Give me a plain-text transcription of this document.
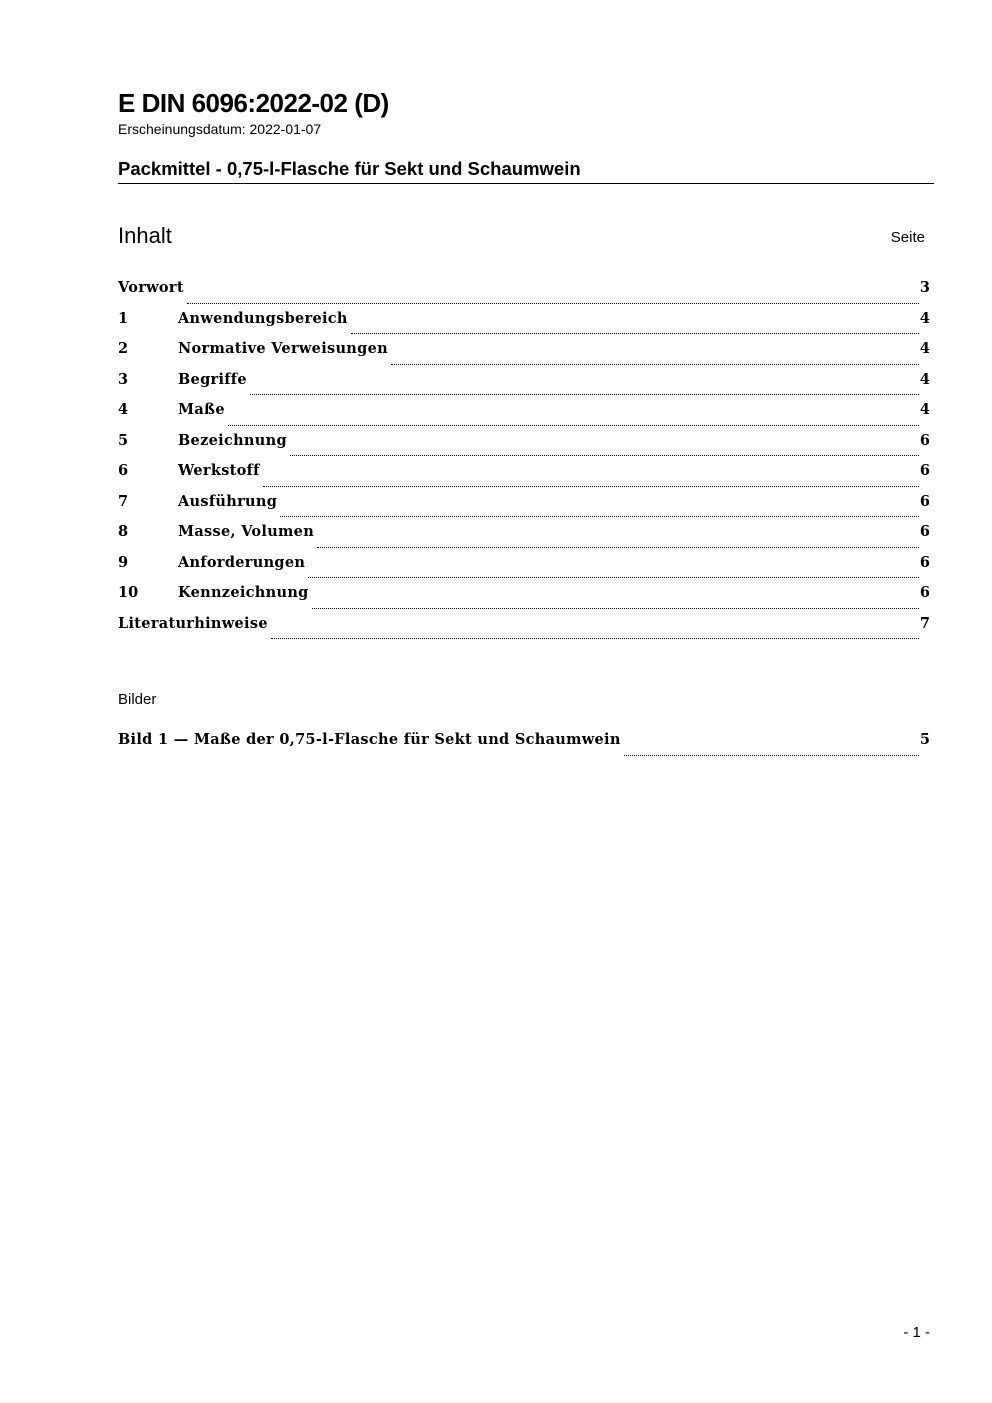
E DIN 6096:2022-02 (D)
Erscheinungsdatum: 2022-01-07
Packmittel - 0,75-l-Flasche für Sekt und Schaumwein
Inhalt	Seite
Vorwort	3
1	Anwendungsbereich	4
2	Normative Verweisungen	4
3	Begriffe	4
4	Maße	4
5	Bezeichnung	6
6	Werkstoff	6
7	Ausführung	6
8	Masse, Volumen	6
9	Anforderungen	6
10	Kennzeichnung	6
Literaturhinweise	7
Bilder
Bild 1 — Maße der 0,75-l-Flasche für Sekt und Schaumwein	5
- 1 -
